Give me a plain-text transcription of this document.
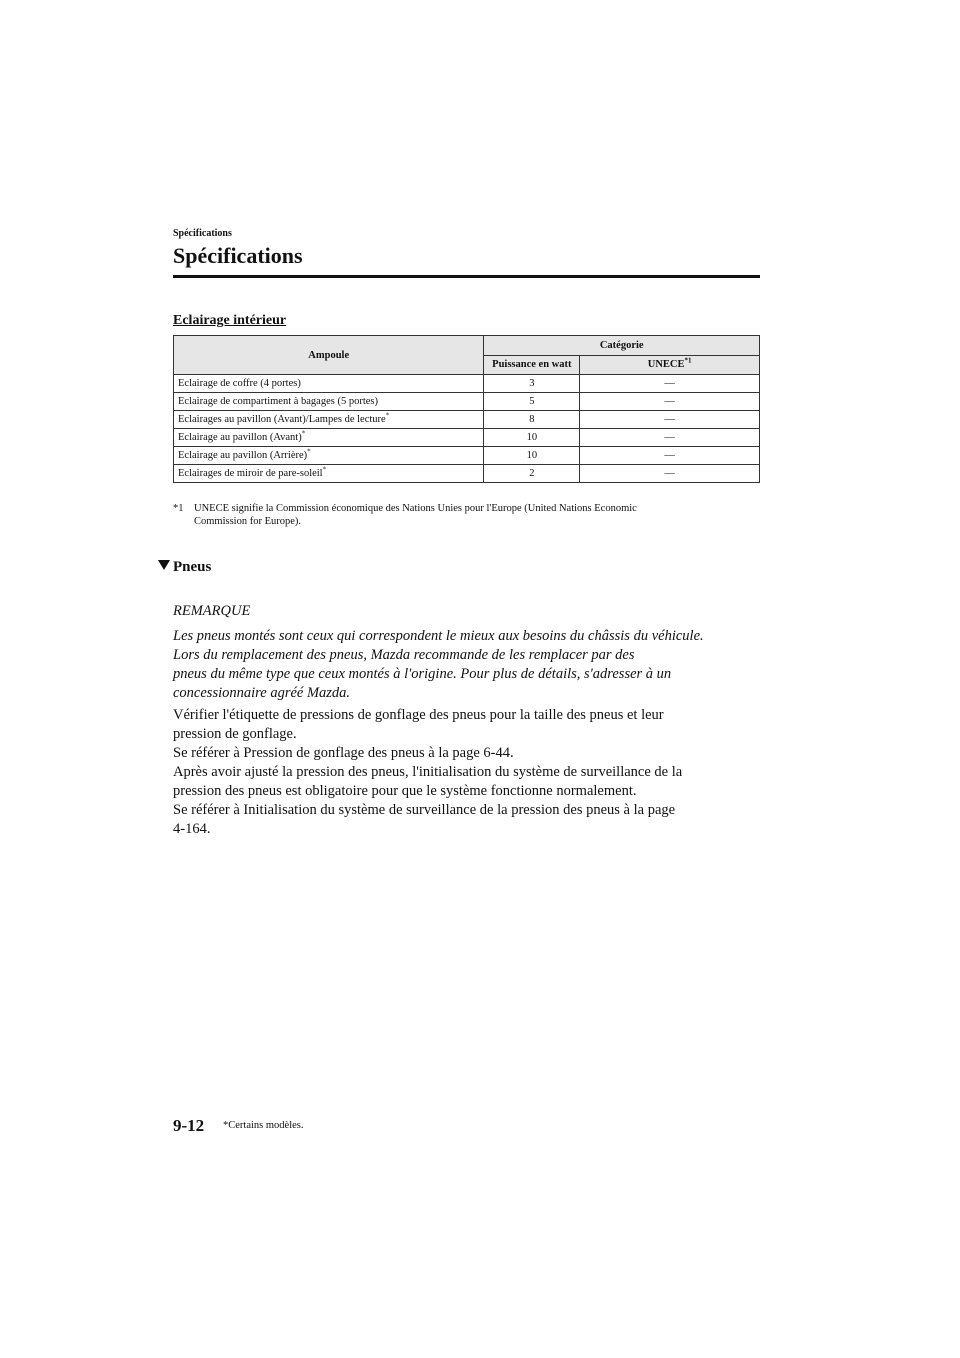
Spécifications
Spécifications
Eclairage intérieur
Ampoule	Catégorie	
	Puissance en watt	UNECE$^{*1}$
Eclairage de coffre (4 portes)	3	—
Eclairage de compartiment à bagages (5 portes)	5	—
Eclairages au pavillon (Avant)/Lampes de lecture*	8	—
Eclairage au pavillon (Avant)*	10	—
Eclairage au pavillon (Arrière)*	10	—
Eclairages de miroir de pare-soleil*	2	—
*1 UNECE signifie la Commission économique des Nations Unies pour l'Europe (United Nations Economic
Commission for Europe).
Pneus
REMARQUE
Les pneus montés sont ceux qui correspondent le mieux aux besoins du châssis du véhicule.
Lors du remplacement des pneus, Mazda recommande de les remplacer par des
pneus du même type que ceux montés à l'origine. Pour plus de détails, s'adresser à un
concessionnaire agréé Mazda.
Vérifier l'étiquette de pressions de gonflage des pneus pour la taille des pneus et leur
pression de gonflage.
Se référer à Pression de gonflage des pneus à la page 6-44.
Après avoir ajusté la pression des pneus, l'initialisation du système de surveillance de la
pression des pneus est obligatoire pour que le système fonctionne normalement.
Se référer à Initialisation du système de surveillance de la pression des pneus à la page
4-164.
9-12 *Certains modèles.
